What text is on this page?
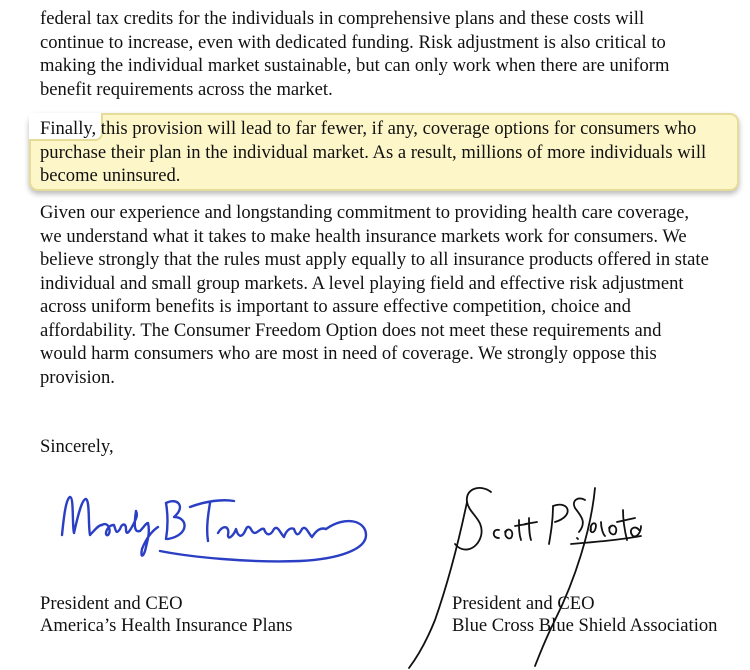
federal tax credits for the individuals in comprehensive plans and these costs will
continue to increase, even with dedicated funding. Risk adjustment is also critical to
making the individual market sustainable, but can only work when there are uniform
benefit requirements across the market.

Finally, this provision will lead to far fewer, if any, coverage options for consumers who
purchase their plan in the individual market. As a result, millions of more individuals will
become uninsured.

Given our experience and longstanding commitment to providing health care coverage,
we understand what it takes to make health insurance markets work for consumers. We
believe strongly that the rules must apply equally to all insurance products offered in state
individual and small group markets. A level playing field and effective risk adjustment
across uniform benefits is important to assure effective competition, choice and
affordability. The Consumer Freedom Option does not meet these requirements and
would harm consumers who are most in need of coverage. We strongly oppose this
provision.

Sincerely,

President and CEO
America’s Health Insurance Plans
President and CEO
Blue Cross Blue Shield Association
